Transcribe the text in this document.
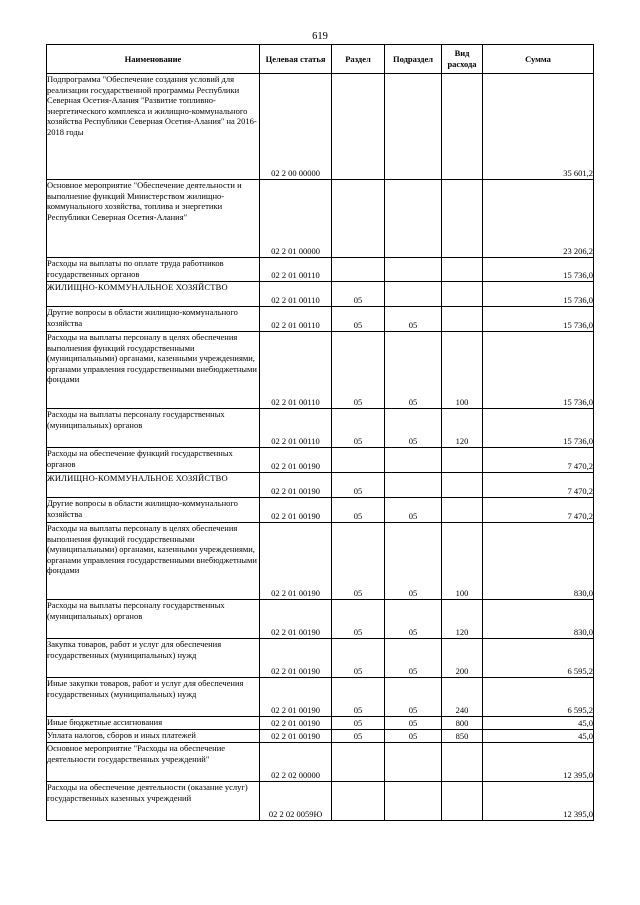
619
Наименование	Целевая статья	Раздел	Подраздел	Вид расхода	Сумма
Подпрограмма "Обеспечение создания условий для реализации государственной программы Республики Северная Осетия-Алания "Развитие топливно-энергетического комплекса и жилищно-коммунального хозяйства Республики Северная Осетия-Алания" на 2016-2018 годы	02 2 00 00000				35 601,2
Основное мероприятие "Обеспечение деятельности и выполнение функций Министерством жилищно-коммунального хозяйства, топлива и энергетики Республики Северная Осетия-Алания"	02 2 01 00000				23 206,2
Расходы на выплаты по оплате труда работников государственных органов	02 2 01 00110				15 736,0
ЖИЛИЩНО-КОММУНАЛЬНОЕ ХОЗЯЙСТВО	02 2 01 00110	05			15 736,0
Другие вопросы в области жилищно-коммунального хозяйства	02 2 01 00110	05	05		15 736,0
Расходы на выплаты персоналу в целях обеспечения выполнения функций государственными (муниципальными) органами, казенными учреждениями, органами управления государственными внебюджетными фондами	02 2 01 00110	05	05	100	15 736,0
Расходы на выплаты персоналу государственных (муниципальных) органов	02 2 01 00110	05	05	120	15 736,0
Расходы на обеспечение функций государственных органов	02 2 01 00190				7 470,2
ЖИЛИЩНО-КОММУНАЛЬНОЕ ХОЗЯЙСТВО	02 2 01 00190	05			7 470,2
Другие вопросы в области жилищно-коммунального хозяйства	02 2 01 00190	05	05		7 470,2
Расходы на выплаты персоналу в целях обеспечения выполнения функций государственными (муниципальными) органами, казенными учреждениями, органами управления государственными внебюджетными фондами	02 2 01 00190	05	05	100	830,0
Расходы на выплаты персоналу государственных (муниципальных) органов	02 2 01 00190	05	05	120	830,0
Закупка товаров, работ и услуг для обеспечения государственных (муниципальных) нужд	02 2 01 00190	05	05	200	6 595,2
Иные закупки товаров, работ и услуг для обеспечения государственных (муниципальных) нужд	02 2 01 00190	05	05	240	6 595,2
Иные бюджетные ассигнования	02 2 01 00190	05	05	800	45,0
Уплата налогов, сборов и иных платежей	02 2 01 00190	05	05	850	45,0
Основное мероприятие "Расходы на обеспечение деятельности государственных учреждений"	02 2 02 00000				12 395,0
Расходы на обеспечение деятельности (оказание услуг) государственных казенных учреждений	02 2 02 0059Ю				12 395,0
